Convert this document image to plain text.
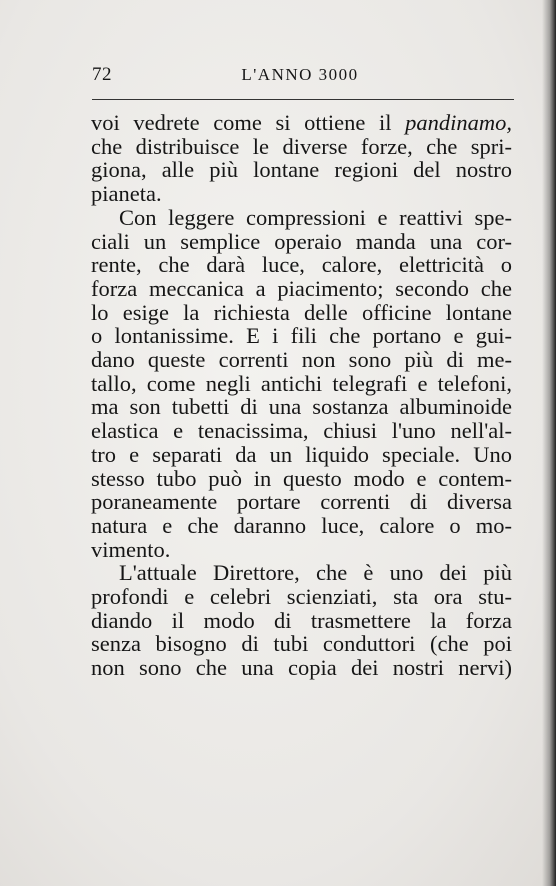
72	L'ANNO 3000
voi vedrete come si ottiene il pandinamo,
che distribuisce le diverse forze, che spri-
giona, alle più lontane regioni del nostro
pianeta.
Con leggere compressioni e reattivi spe-
ciali un semplice operaio manda una cor-
rente, che darà luce, calore, elettricità o
forza meccanica a piacimento; secondo che
lo esige la richiesta delle officine lontane
o lontanissime. E i fili che portano e gui-
dano queste correnti non sono più di me-
tallo, come negli antichi telegrafi e telefoni,
ma son tubetti di una sostanza albuminoide
elastica e tenacissima, chiusi l'uno nell'al-
tro e separati da un liquido speciale. Uno
stesso tubo può in questo modo e contem-
poraneamente portare correnti di diversa
natura e che daranno luce, calore o mo-
vimento.
L'attuale Direttore, che è uno dei più
profondi e celebri scienziati, sta ora stu-
diando il modo di trasmettere la forza
senza bisogno di tubi conduttori (che poi
non sono che una copia dei nostri nervi)
